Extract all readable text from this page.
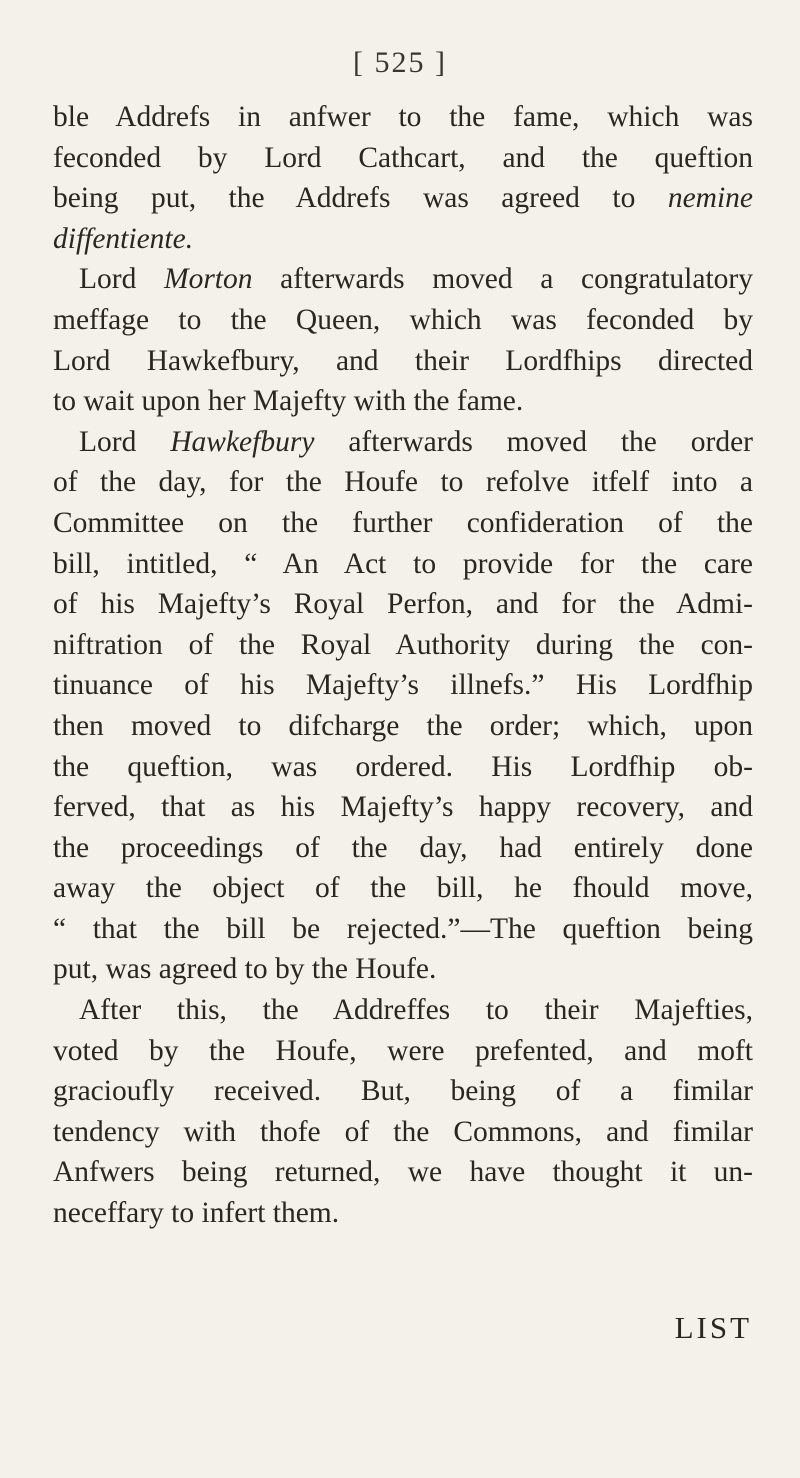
[ 525 ]
ble Addrefs in anfwer to the fame, which was
feconded by Lord Cathcart, and the queftion
being put, the Addrefs was agreed to nemine
diffentiente.
Lord Morton afterwards moved a congratulatory
meffage to the Queen, which was feconded by
Lord Hawkefbury, and their Lordfhips directed
to wait upon her Majefty with the fame.
Lord Hawkefbury afterwards moved the order
of the day, for the Houfe to refolve itfelf into a
Committee on the further confideration of the
bill, intitled, “ An Act to provide for the care
of his Majefty’s Royal Perfon, and for the Admi-
niftration of the Royal Authority during the con-
tinuance of his Majefty’s illnefs.” His Lordfhip
then moved to difcharge the order; which, upon
the queftion, was ordered. His Lordfhip ob-
ferved, that as his Majefty’s happy recovery, and
the proceedings of the day, had entirely done
away the object of the bill, he fhould move,
“ that the bill be rejected.”—The queftion being
put, was agreed to by the Houfe.
After this, the Addreffes to their Majefties,
voted by the Houfe, were prefented, and moft
gracioufly received. But, being of a fimilar
tendency with thofe of the Commons, and fimilar
Anfwers being returned, we have thought it un-
neceffary to infert them.
LIST
